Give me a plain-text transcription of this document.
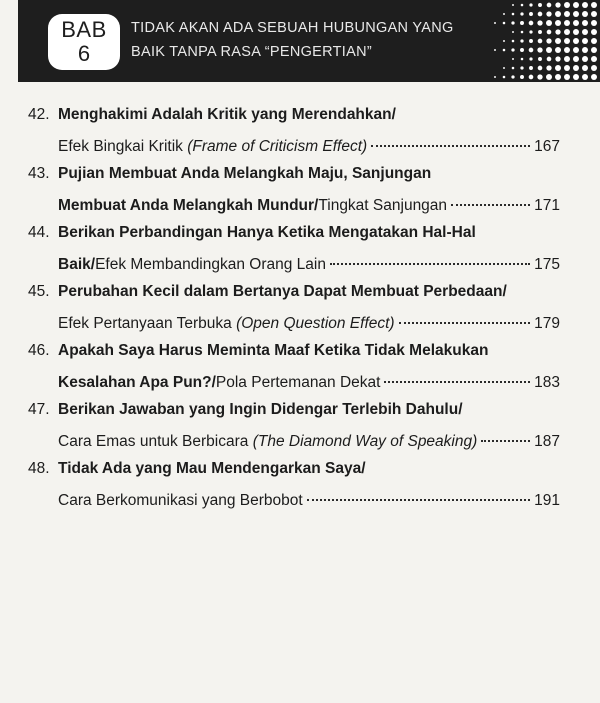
BAB
6
TIDAK AKAN ADA SEBUAH HUBUNGAN YANG
BAIK TANPA RASA “PENGERTIAN”
42. Menghakimi Adalah Kritik yang Merendahkan/
Efek Bingkai Kritik (Frame of Criticism Effect)	167
43. Pujian Membuat Anda Melangkah Maju, Sanjungan
Membuat Anda Melangkah Mundur/Tingkat Sanjungan	171
44. Berikan Perbandingan Hanya Ketika Mengatakan Hal-Hal
Baik/Efek Membandingkan Orang Lain	175
45. Perubahan Kecil dalam Bertanya Dapat Membuat Perbedaan/
Efek Pertanyaan Terbuka (Open Question Effect)	179
46. Apakah Saya Harus Meminta Maaf Ketika Tidak Melakukan
Kesalahan Apa Pun?/Pola Pertemanan Dekat	183
47. Berikan Jawaban yang Ingin Didengar Terlebih Dahulu/
Cara Emas untuk Berbicara (The Diamond Way of Speaking)	187
48. Tidak Ada yang Mau Mendengarkan Saya/
Cara Berkomunikasi yang Berbobot	191
